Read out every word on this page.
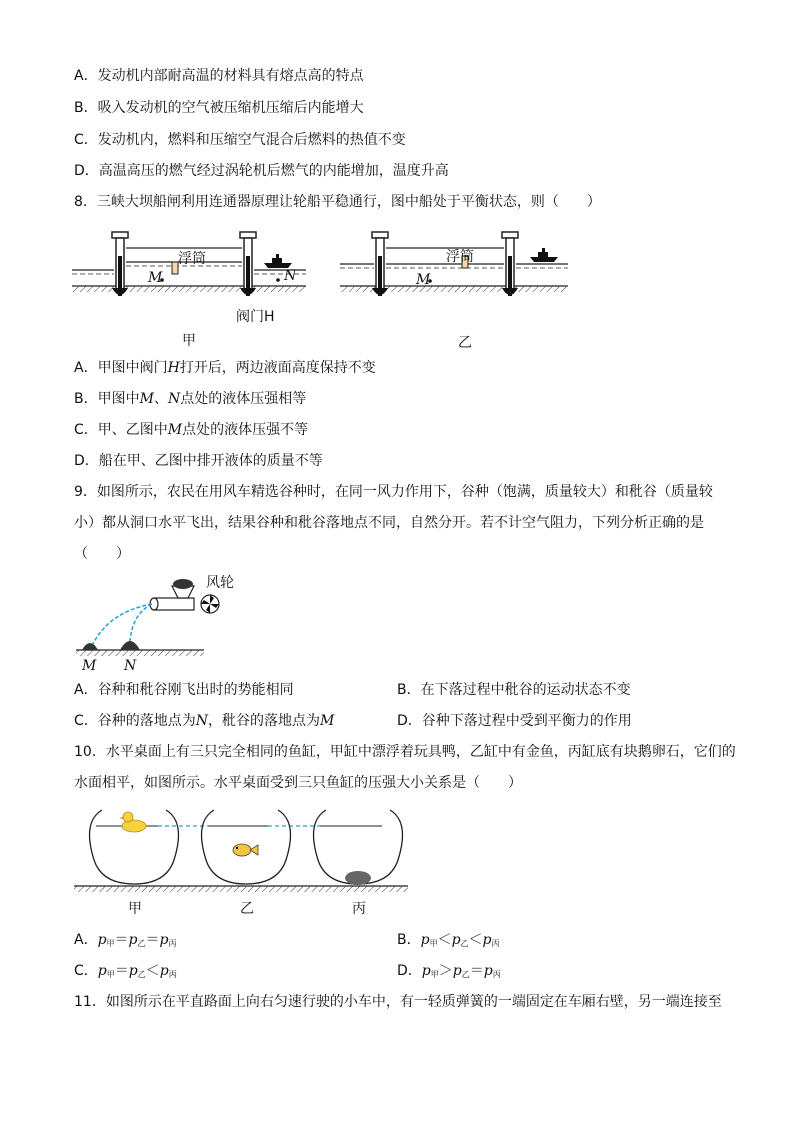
A．发动机内部耐高温的材料具有熔点高的特点
B．吸入发动机的空气被压缩机压缩后内能增大
C．发动机内，燃料和压缩空气混合后燃料的热值不变
D．高温高压的燃气经过涡轮机后燃气的内能增加，温度升高
8．三峡大坝船闸利用连通器原理让轮船平稳通行，图中船处于平衡状态，则（　　）
浮筒	浮筒
M	N	M
阀门H
甲	乙
A．甲图中阀门H打开后，两边液面高度保持不变
B．甲图中M、N点处的液体压强相等
C．甲、乙图中M点处的液体压强不等
D．船在甲、乙图中排开液体的质量不等
9．如图所示，农民在用风车精选谷种时，在同一风力作用下，谷种（饱满，质量较大）和秕谷（质量较
小）都从洞口水平飞出，结果谷种和秕谷落地点不同，自然分开。若不计空气阻力，下列分析正确的是
（　　）
风轮
M N
A．谷种和秕谷刚飞出时的势能相同	B．在下落过程中秕谷的运动状态不变
C．谷种的落地点为N，秕谷的落地点为M	D．谷种下落过程中受到平衡力的作用
10．水平桌面上有三只完全相同的鱼缸，甲缸中漂浮着玩具鸭，乙缸中有金鱼，丙缸底有块鹅卵石，它们的
水面相平，如图所示。水平桌面受到三只鱼缸的压强大小关系是（　　）
甲	乙	丙
A．$p_甲=p_乙=p_丙$	B．$p_甲<p_乙<p_丙$
C．$p_甲=p_乙<p_丙$	D．$p_甲>p_乙=p_丙$
11．如图所示在平直路面上向右匀速行驶的小车中，有一轻质弹簧的一端固定在车厢右壁，另一端连接至
